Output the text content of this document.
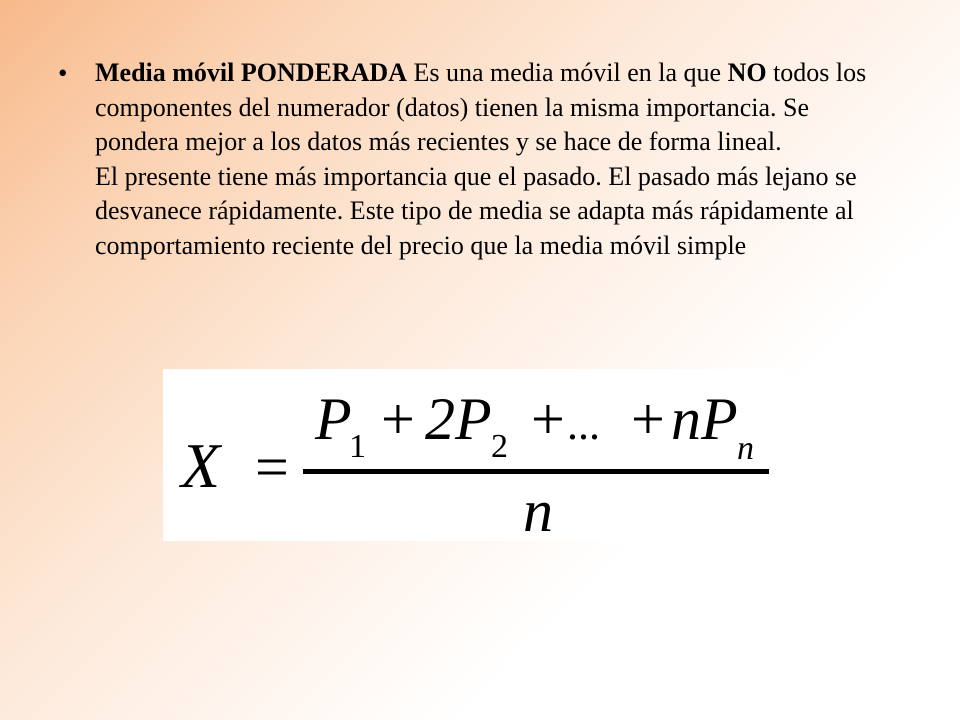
•	Media móvil PONDERADA Es una media móvil en la que NO todos los componentes del numerador (datos) tienen la misma importancia. Se pondera mejor a los datos más recientes y se hace de forma lineal.
El presente tiene más importancia que el pasado. El pasado más lejano se desvanece rápidamente. Este tipo de media se adapta más rápidamente al comportamiento reciente del precio que la media móvil simple
X =
P
1 + 2P 2 + ... + nP n
n
